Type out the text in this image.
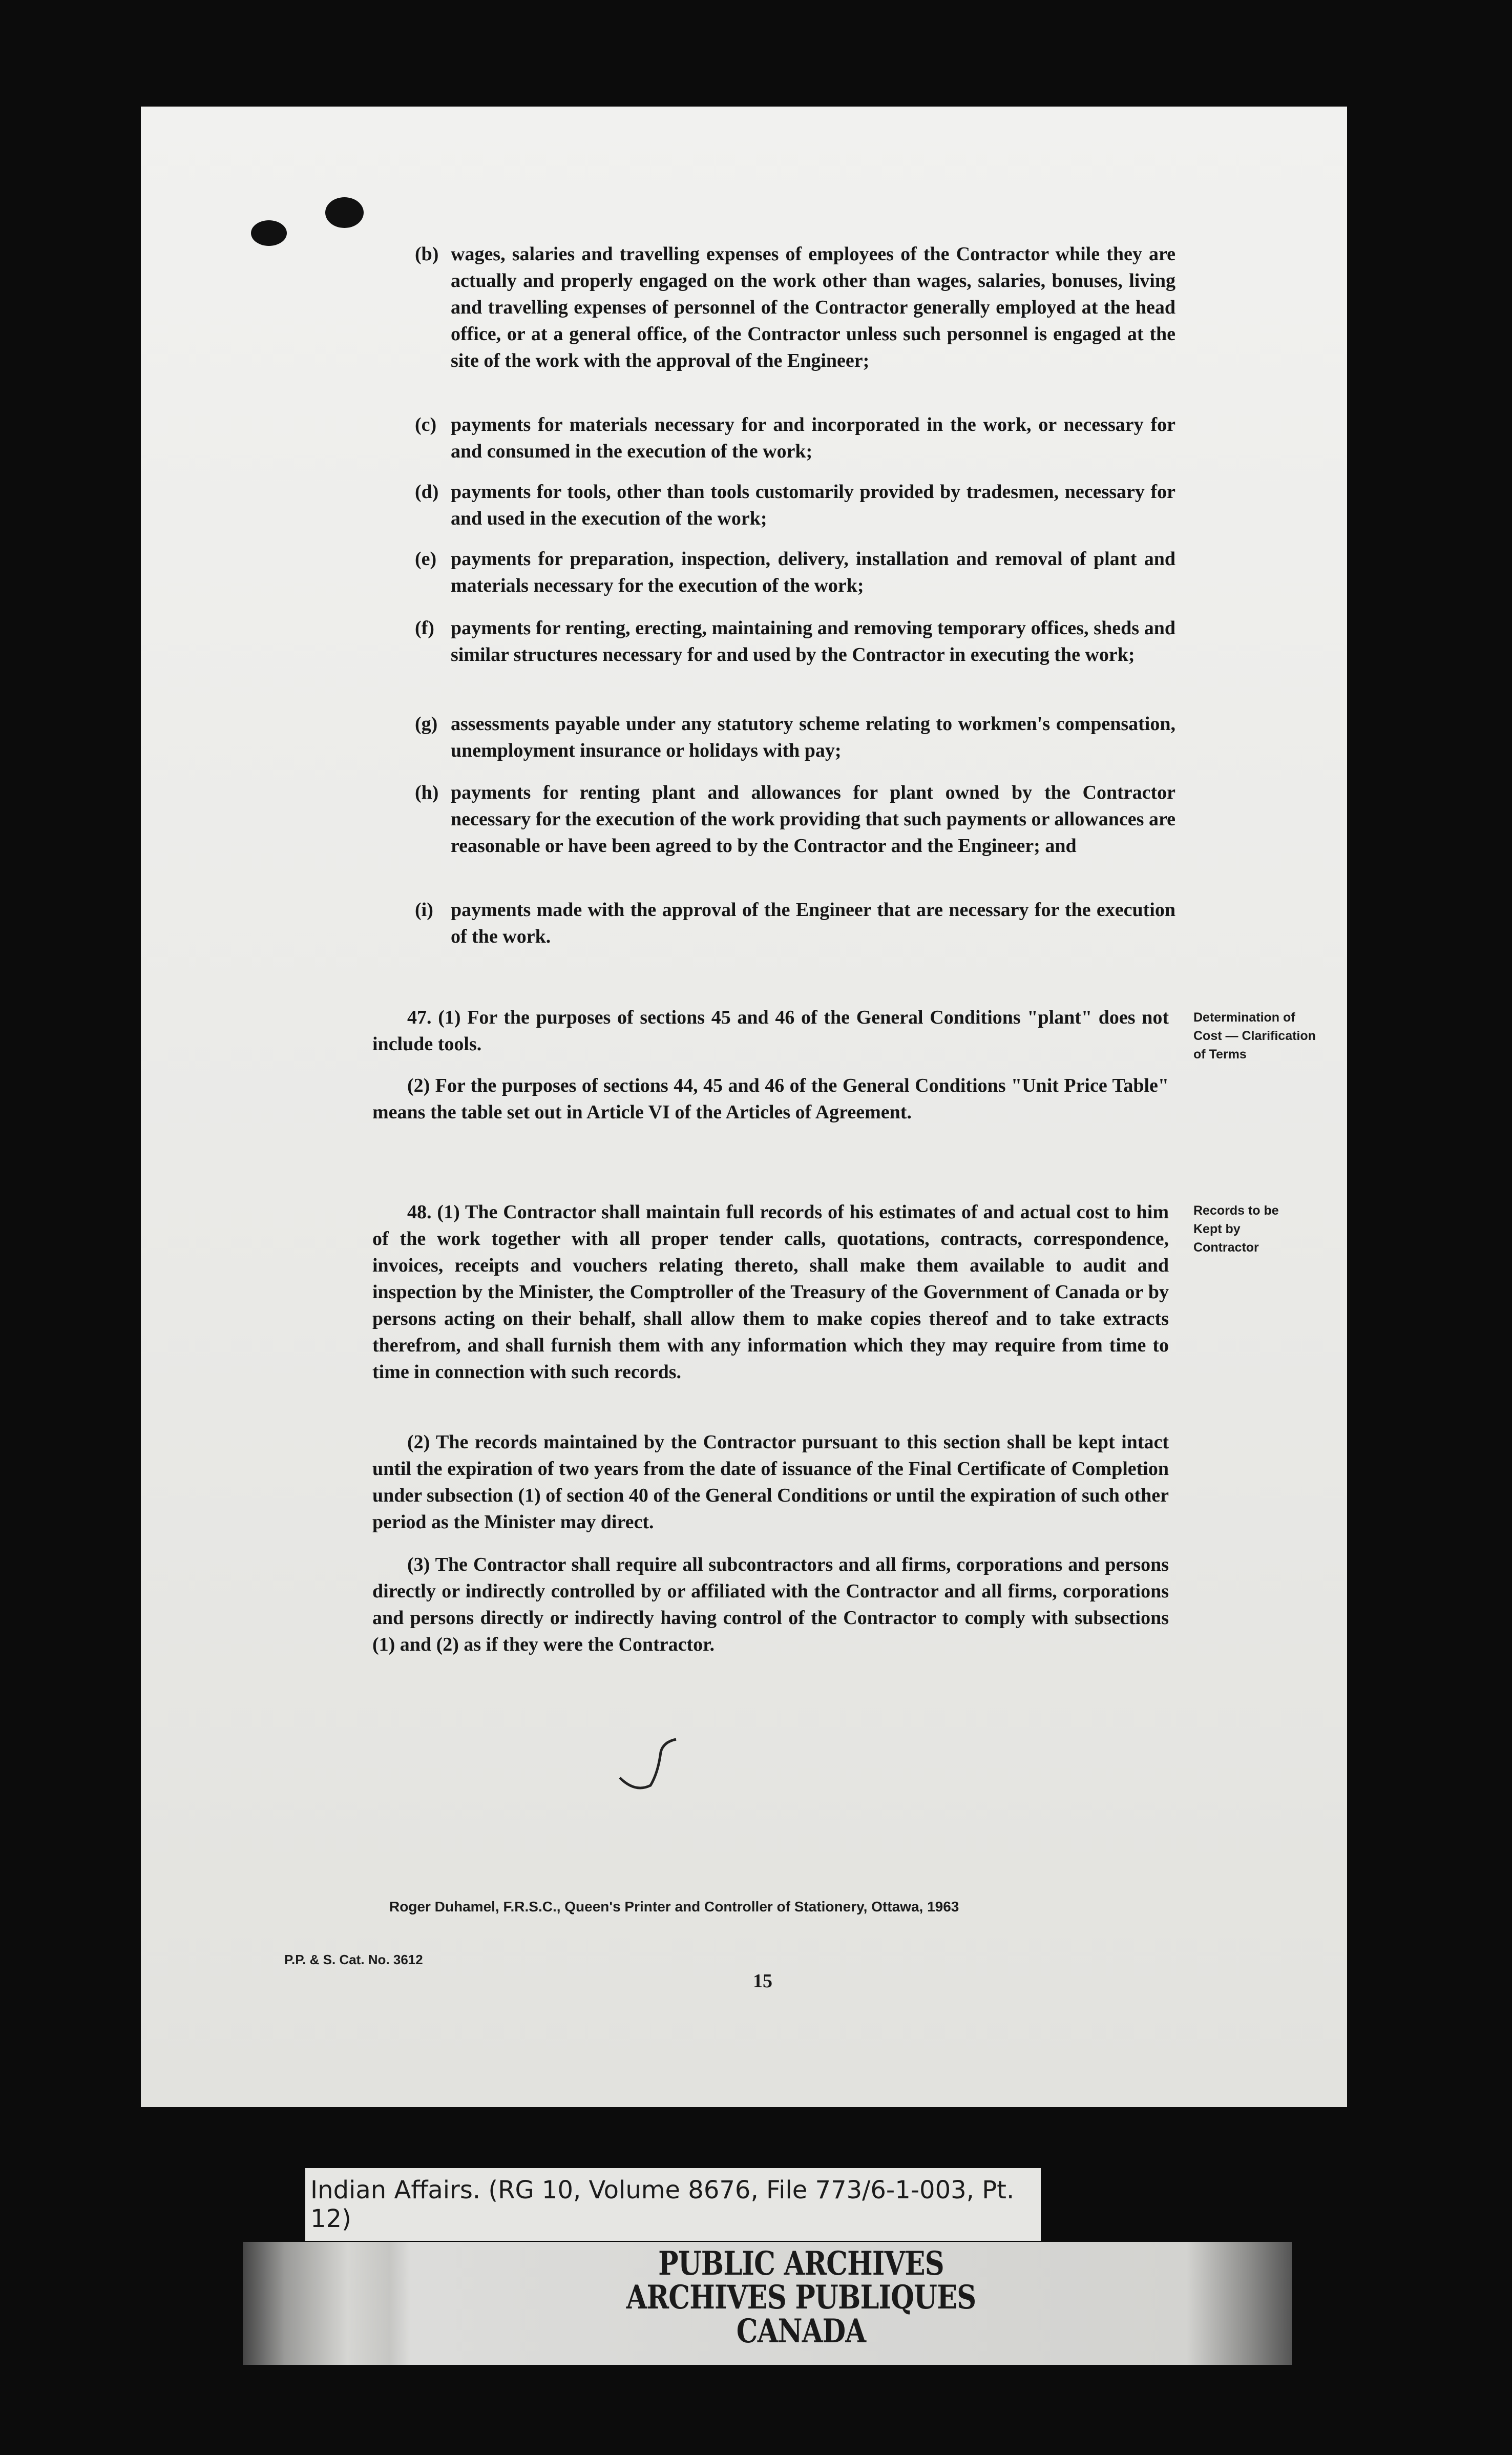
(b) wages, salaries and travelling expenses of employees of the Contractor while they are actually and properly engaged on the work other than wages, salaries, bonuses, living and travelling expenses of personnel of the Contractor generally employed at the head office, or at a general office, of the Contractor unless such personnel is engaged at the site of the work with the approval of the Engineer;
(c) payments for materials necessary for and incorporated in the work, or necessary for and consumed in the execution of the work;
(d) payments for tools, other than tools customarily provided by tradesmen, necessary for and used in the execution of the work;
(e) payments for preparation, inspection, delivery, installation and removal of plant and materials necessary for the execution of the work;
(f) payments for renting, erecting, maintaining and removing temporary offices, sheds and similar structures necessary for and used by the Contractor in executing the work;
(g) assessments payable under any statutory scheme relating to workmen's compensation, unemployment insurance or holidays with pay;
(h) payments for renting plant and allowances for plant owned by the Contractor necessary for the execution of the work providing that such payments or allowances are reasonable or have been agreed to by the Contractor and the Engineer; and
(i) payments made with the approval of the Engineer that are necessary for the execution of the work.
47. (1) For the purposes of sections 45 and 46 of the General Conditions "plant" does not include tools.
(2) For the purposes of sections 44, 45 and 46 of the General Conditions "Unit Price Table" means the table set out in Article VI of the Articles of Agreement.
Determination of Cost — Clarification of Terms
48. (1) The Contractor shall maintain full records of his estimates of and actual cost to him of the work together with all proper tender calls, quotations, contracts, correspondence, invoices, receipts and vouchers relating thereto, shall make them available to audit and inspection by the Minister, the Comptroller of the Treasury of the Government of Canada or by persons acting on their behalf, shall allow them to make copies thereof and to take extracts therefrom, and shall furnish them with any information which they may require from time to time in connection with such records.
(2) The records maintained by the Contractor pursuant to this section shall be kept intact until the expiration of two years from the date of issuance of the Final Certificate of Completion under subsection (1) of section 40 of the General Conditions or until the expiration of such other period as the Minister may direct.
(3) The Contractor shall require all subcontractors and all firms, corporations and persons directly or indirectly controlled by or affiliated with the Contractor and all firms, corporations and persons directly or indirectly having control of the Contractor to comply with subsections (1) and (2) as if they were the Contractor.
Records to be Kept by Contractor
Roger Duhamel, F.R.S.C., Queen's Printer and Controller of Stationery, Ottawa, 1963
P.P. & S. Cat. No. 3612
15
Indian Affairs. (RG 10, Volume 8676, File 773/6-1-003, Pt. 12)
PUBLIC ARCHIVES
ARCHIVES PUBLIQUES
CANADA
